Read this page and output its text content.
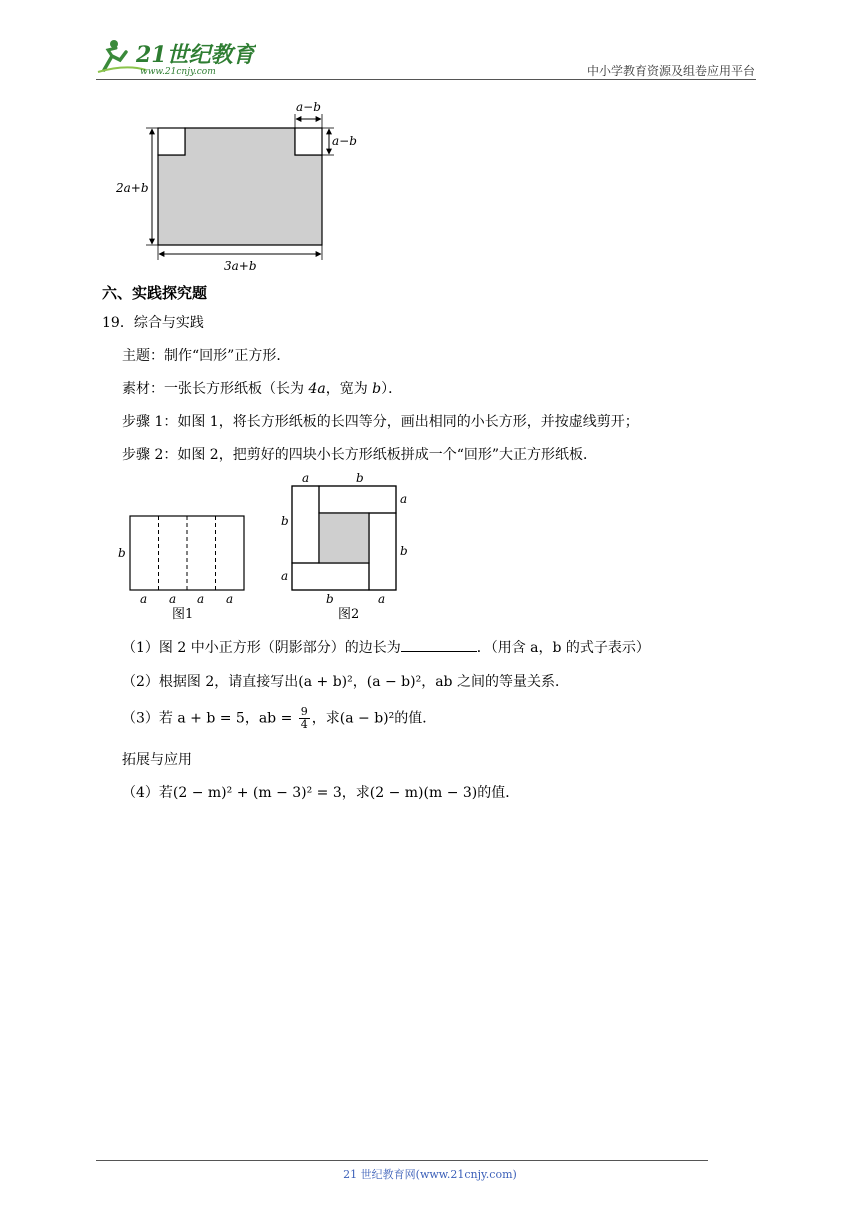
21世纪教育
www.21cnjy.com	中小学教育资源及组卷应用平台
a−b
a−b
2a+b
3a+b
六、实践探究题
19．综合与实践
主题：制作“回形”正方形．
素材：一张长方形纸板（长为 4a，宽为 b）．
步骤 1：如图 1，将长方形纸板的长四等分，画出相同的小长方形，并按虚线剪开；
步骤 2：如图 2，把剪好的四块小长方形纸板拼成一个“回形”大正方形纸板．
b
a a a a
图1
a	b
a
b
b
a
b	a
图2
（1）图 2 中小正方形（阴影部分）的边长为	．（用含 a，b 的式子表示）
（2）根据图 2，请直接写出(a + b)²，(a − b)²，ab 之间的等量关系．
（3）若 a + b = 5，ab = $\frac{9}{4}$ ，求(a − b)²的值．
拓展与应用
（4）若(2 − m)² + (m − 3)² = 3，求(2 − m)(m − 3)的值．
21 世纪教育网(www.21cnjy.com)
